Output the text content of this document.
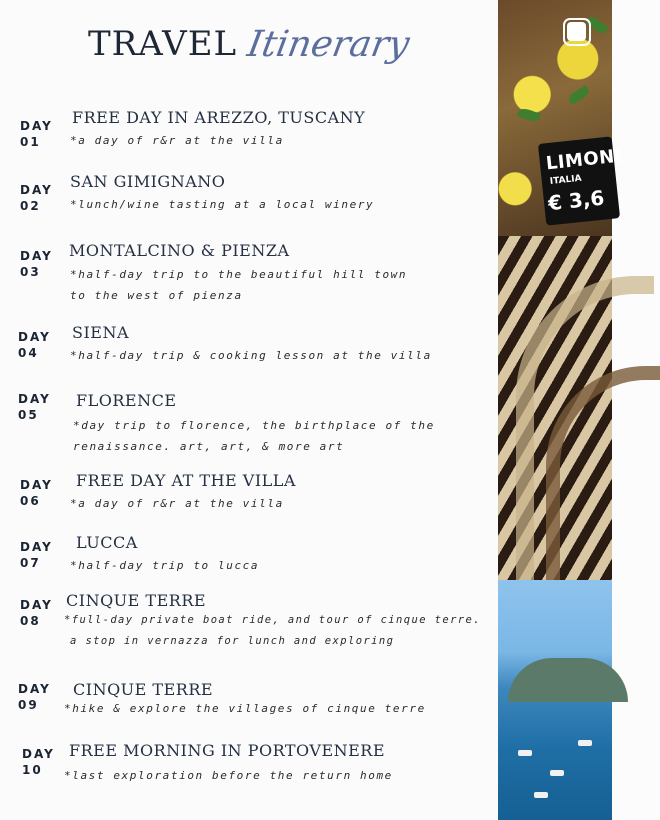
TRAVEL Itinerary
DAY
01
FREE DAY IN AREZZO, TUSCANY
*a day of r&r at the villa
DAY
02
SAN GIMIGNANO
*lunch/wine tasting at a local winery
DAY
03
MONTALCINO & PIENZA
*half-day trip to the beautiful hill town
to the west of pienza
DAY
04
SIENA
*half-day trip & cooking lesson at the villa
DAY
05
FLORENCE
*day trip to florence, the birthplace of the
renaissance. art, art, & more art
DAY
06
FREE DAY AT THE VILLA
*a day of r&r at the villa
DAY
07
LUCCA
*half-day trip to lucca
DAY
08
CINQUE TERRE
*full-day private boat ride, and tour of cinque terre.
a stop in vernazza for lunch and exploring
DAY
09
CINQUE TERRE
*hike & explore the villages of cinque terre
DAY
10
FREE MORNING IN PORTOVENERE
*last exploration before the return home
LIMONI
ITALIA
€ 3,6
